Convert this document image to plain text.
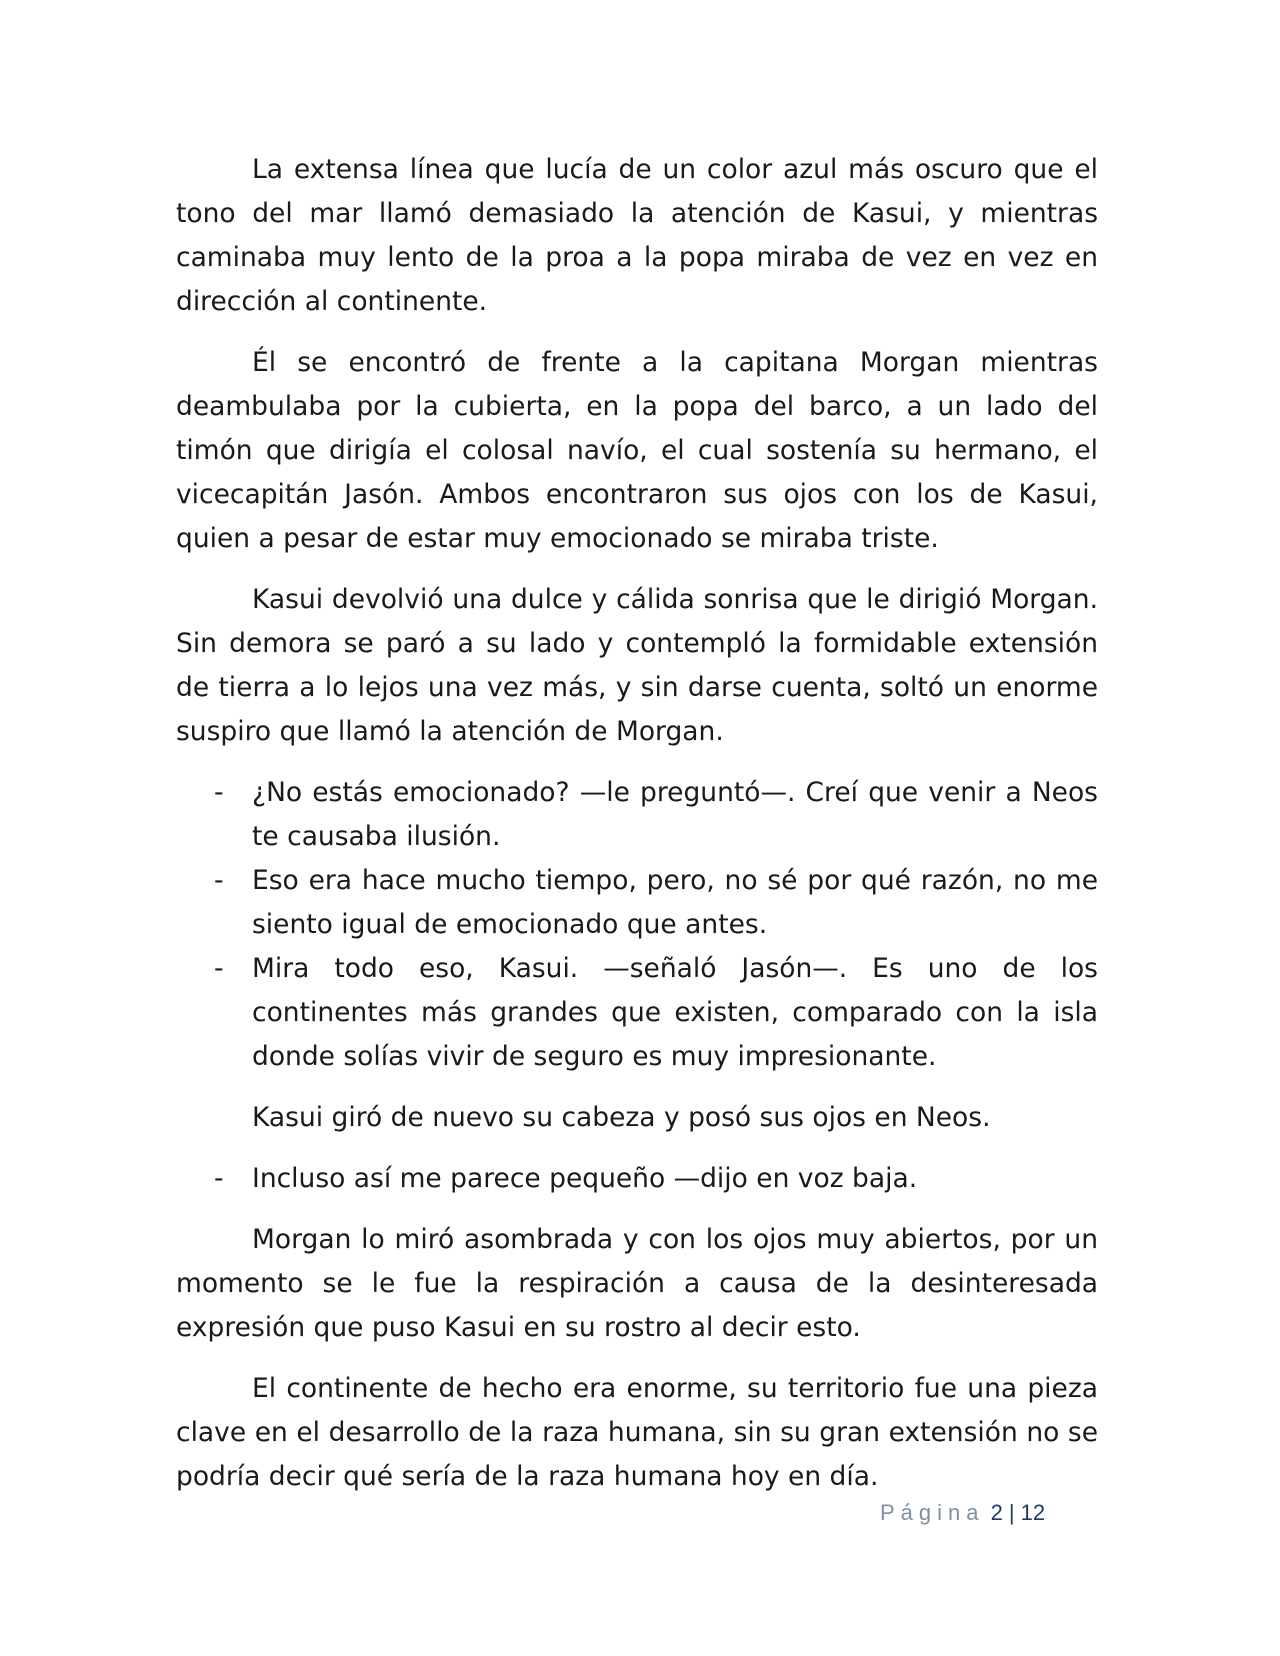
La extensa línea que lucía de un color azul más oscuro que el tono del mar llamó demasiado la atención de Kasui, y mientras caminaba muy lento de la proa a la popa miraba de vez en vez en dirección al continente.

Él se encontró de frente a la capitana Morgan mientras deambulaba por la cubierta, en la popa del barco, a un lado del timón que dirigía el colosal navío, el cual sostenía su hermano, el vicecapitán Jasón. Ambos encontraron sus ojos con los de Kasui, quien a pesar de estar muy emocionado se miraba triste.

Kasui devolvió una dulce y cálida sonrisa que le dirigió Morgan. Sin demora se paró a su lado y contempló la formidable extensión de tierra a lo lejos una vez más, y sin darse cuenta, soltó un enorme suspiro que llamó la atención de Morgan.

- ¿No estás emocionado? —le preguntó—. Creí que venir a Neos te causaba ilusión.
- Eso era hace mucho tiempo, pero, no sé por qué razón, no me siento igual de emocionado que antes.
- Mira todo eso, Kasui. —señaló Jasón—. Es uno de los continentes más grandes que existen, comparado con la isla donde solías vivir de seguro es muy impresionante.

Kasui giró de nuevo su cabeza y posó sus ojos en Neos.

- Incluso así me parece pequeño —dijo en voz baja.

Morgan lo miró asombrada y con los ojos muy abiertos, por un momento se le fue la respiración a causa de la desinteresada expresión que puso Kasui en su rostro al decir esto.

El continente de hecho era enorme, su territorio fue una pieza clave en el desarrollo de la raza humana, sin su gran extensión no se podría decir qué sería de la raza humana hoy en día.

Página 2 | 12
